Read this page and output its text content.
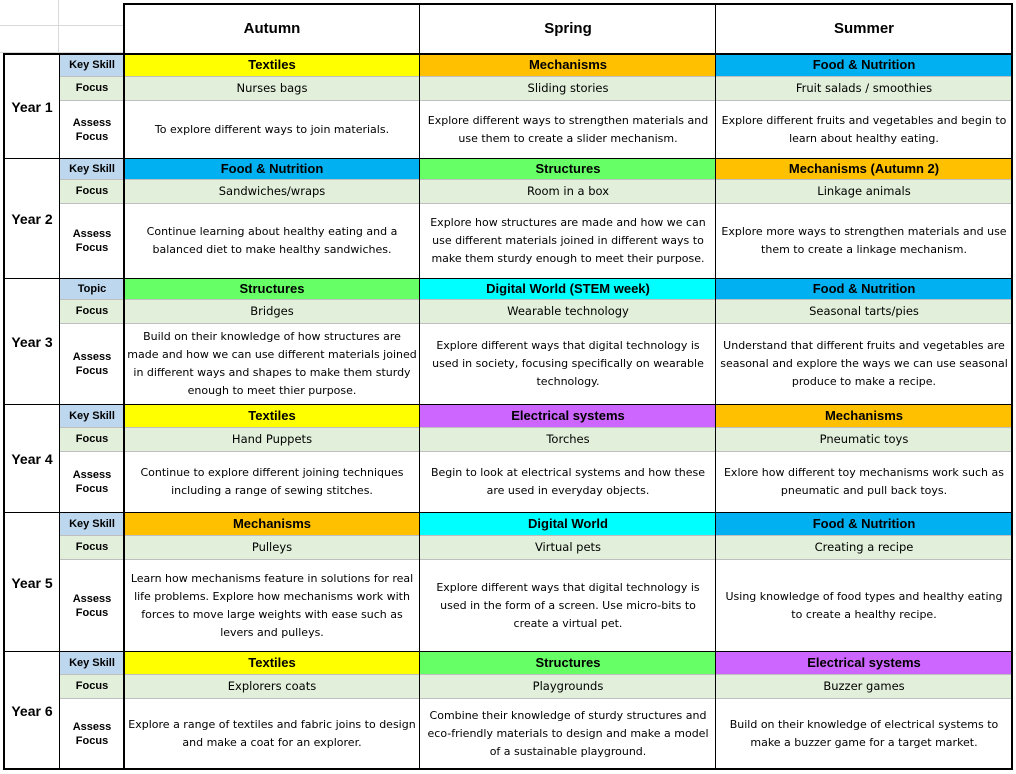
Autumn	Spring	Summer
Year 1
Key Skill
Focus
Assess Focus
Textiles
Nurses bags
To explore different ways to join materials.
Mechanisms
Sliding stories
Explore different ways to strengthen materials and use them to create a slider mechanism.
Food & Nutrition
Fruit salads / smoothies
Explore different fruits and vegetables and begin to learn about healthy eating.
Year 2
Key Skill
Focus
Assess Focus
Food & Nutrition
Sandwiches/wraps
Continue learning about healthy eating and a balanced diet to make healthy sandwiches.
Structures
Room in a box
Explore how structures are made and how we can use different materials joined in different ways to make them sturdy enough to meet their purpose.
Mechanisms (Autumn 2)
Linkage animals
Explore more ways to strengthen materials and use them to create a linkage mechanism.
Year 3
Topic
Focus
Assess Focus
Structures
Bridges
Build on their knowledge of how structures are made and how we can use different materials joined in different ways and shapes to make them sturdy enough to meet thier purpose.
Digital World (STEM week)
Wearable technology
Explore different ways that digital technology is used in society, focusing specifically on wearable technology.
Food & Nutrition
Seasonal tarts/pies
Understand that different fruits and vegetables are seasonal and explore the ways we can use seasonal produce to make a recipe.
Year 4
Key Skill
Focus
Assess Focus
Textiles
Hand Puppets
Continue to explore different joining techniques including a range of sewing stitches.
Electrical systems
Torches
Begin to look at electrical systems and how these are used in everyday objects.
Mechanisms
Pneumatic toys
Exlore how different toy mechanisms work such as pneumatic and pull back toys.
Year 5
Key Skill
Focus
Assess Focus
Mechanisms
Pulleys
Learn how mechanisms feature in solutions for real life problems. Explore how mechanisms work with forces to move large weights with ease such as levers and pulleys.
Digital World
Virtual pets
Explore different ways that digital technology is used in the form of a screen. Use micro-bits to create a virtual pet.
Food & Nutrition
Creating a recipe
Using knowledge of food types and healthy eating to create a healthy recipe.
Year 6
Key Skill
Focus
Assess Focus
Textiles
Explorers coats
Explore a range of textiles and fabric joins to design and make a coat for an explorer.
Structures
Playgrounds
Combine their knowledge of sturdy structures and eco-friendly materials to design and make a model of a sustainable playground.
Electrical systems
Buzzer games
Build on their knowledge of electrical systems to make a buzzer game for a target market.
